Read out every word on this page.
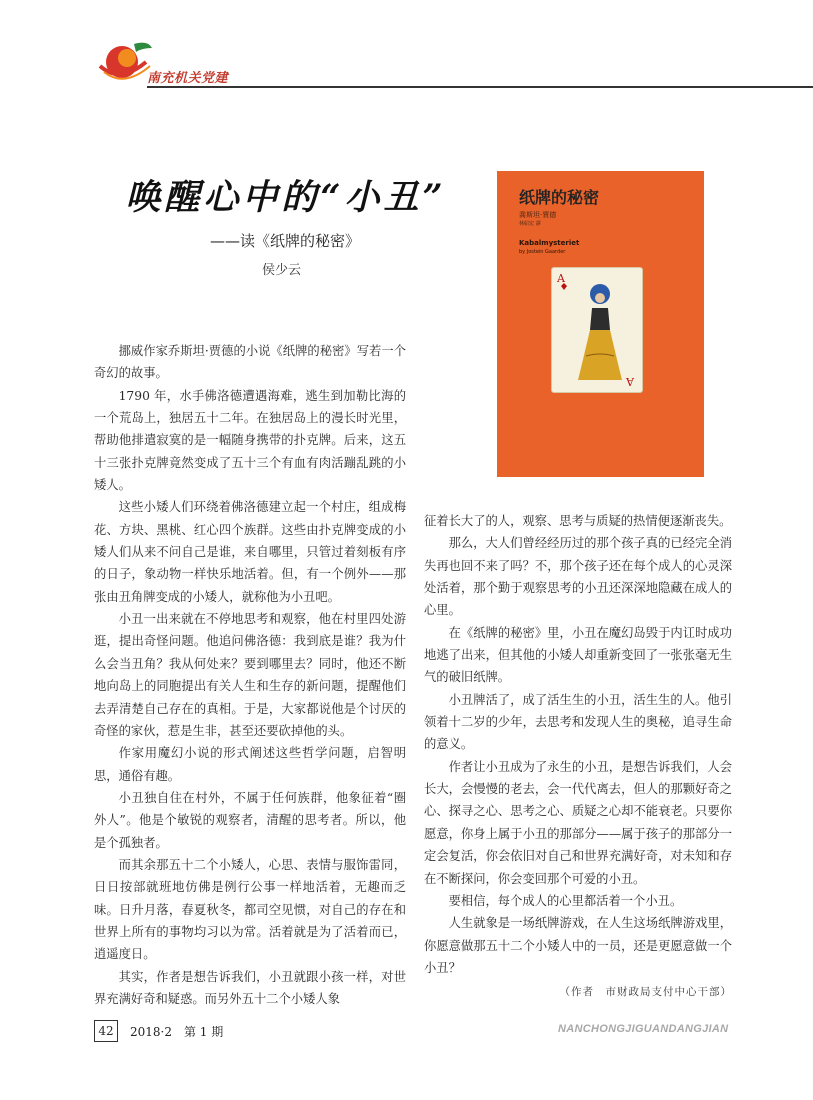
南充机关党建
唤醒心中的“小丑”
——读《纸牌的秘密》
侯少云
纸牌的秘密
喬斯坦·賈德
林紹宏 譯
Kabalmysteriet
by Jostein Gaarder
A
A

挪威作家乔斯坦·贾德的小说《纸牌的秘密》写若一个奇幻的故事。

1790 年，水手佛洛德遭遇海难，逃生到加勒比海的一个荒岛上，独居五十二年。在独居岛上的漫长时光里，帮助他排遣寂寞的是一幅随身携带的扑克牌。后来，这五十三张扑克牌竟然变成了五十三个有血有肉活蹦乱跳的小矮人。

这些小矮人们环绕着佛洛德建立起一个村庄，组成梅花、方块、黑桃、红心四个族群。这些由扑克牌变成的小矮人们从来不问自己是谁，来自哪里，只管过着刻板有序的日子，象动物一样快乐地活着。但，有一个例外——那张由丑角牌变成的小矮人，就称他为小丑吧。

小丑一出来就在不停地思考和观察，他在村里四处游逛，提出奇怪问题。他追问佛洛德：我到底是谁？我为什么会当丑角？我从何处来？要到哪里去？同时，他还不断地向岛上的同胞提出有关人生和生存的新问题，提醒他们去弄清楚自己存在的真相。于是，大家都说他是个讨厌的奇怪的家伙，惹是生非，甚至还要砍掉他的头。

作家用魔幻小说的形式阐述这些哲学问题，启智明思，通俗有趣。

小丑独自住在村外，不属于任何族群，他象征着“圈外人”。他是个敏锐的观察者，清醒的思考者。所以，他是个孤独者。

而其余那五十二个小矮人，心思、表情与服饰雷同，日日按部就班地仿佛是例行公事一样地活着，无趣而乏味。日升月落，春夏秋冬，都司空见惯，对自己的存在和世界上所有的事物均习以为常。活着就是为了活着而已，逍遥度日。

其实，作者是想告诉我们，小丑就跟小孩一样，对世界充满好奇和疑惑。而另外五十二个小矮人象

征着长大了的人，观察、思考与质疑的热情便逐渐丧失。

那么，大人们曾经经历过的那个孩子真的已经完全消失再也回不来了吗？不，那个孩子还在每个成人的心灵深处活着，那个勤于观察思考的小丑还深深地隐藏在成人的心里。

在《纸牌的秘密》里，小丑在魔幻岛毁于内讧时成功地逃了出来，但其他的小矮人却重新变回了一张张毫无生气的破旧纸牌。

小丑牌活了，成了活生生的小丑，活生生的人。他引领着十二岁的少年，去思考和发现人生的奥秘，追寻生命的意义。

作者让小丑成为了永生的小丑，是想告诉我们，人会长大，会慢慢的老去，会一代代离去，但人的那颗好奇之心、探寻之心、思考之心、质疑之心却不能衰老。只要你愿意，你身上属于小丑的那部分——属于孩子的那部分一定会复活，你会依旧对自己和世界充满好奇，对未知和存在不断探问，你会变回那个可爱的小丑。

要相信，每个成人的心里都活着一个小丑。

人生就象是一场纸牌游戏，在人生这场纸牌游戏里，你愿意做那五十二个小矮人中的一员，还是更愿意做一个小丑？

（作者　市财政局支付中心干部）
42	2018·2　第 1 期	NANCHONGJIGUANDANGJIAN
